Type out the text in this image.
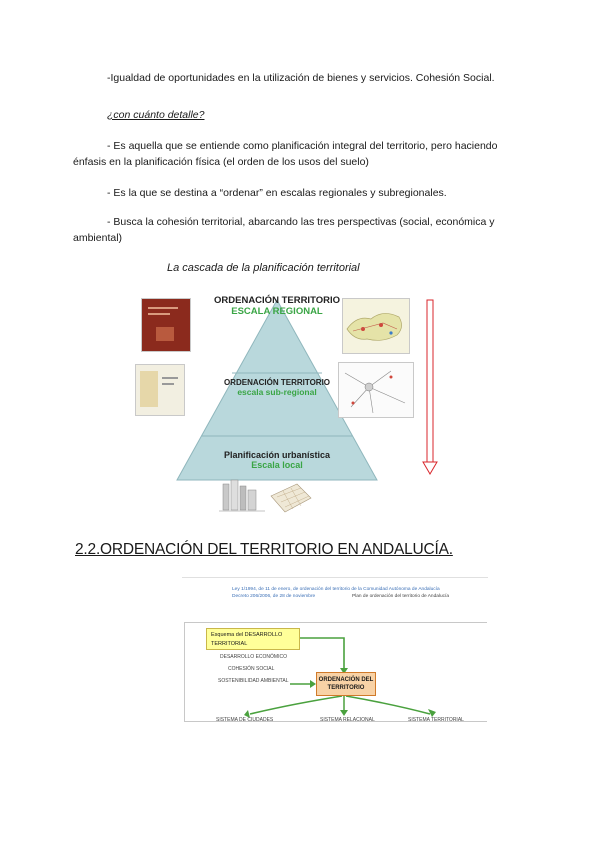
-Igualdad de oportunidades en la utilización de bienes y servicios. Cohesión Social.
¿con cuánto detalle?
- Es aquella que se entiende como planificación integral del territorio, pero haciendo énfasis en la planificación física (el orden de los usos del suelo)
- Es la que se destina a “ordenar” en escalas regionales y subregionales.
- Busca la cohesión territorial, abarcando las tres perspectivas (social, económica y ambiental)
La cascada de la planificación territorial
ORDENACIÓN TERRITORIO
ESCALA REGIONAL
ORDENACIÓN TERRITORIO
escala sub-regional
Planificación urbanística
Escala local
2.2.ORDENACIÓN DEL TERRITORIO EN ANDALUCÍA.
Ley 1/1994, de 11 de enero, de ordenación del territorio de la Comunidad Autónoma de Andalucía
Decreto 206/2006, de 28 de noviembre	Plan de ordenación del territorio de Andalucía
Esquema del DESARROLLO TERRITORIAL
DESARROLLO ECONÓMICO
COHESIÓN SOCIAL
SOSTENIBILIDAD AMBIENTAL	ORDENACIÓN DEL TERRITORIO
SISTEMA DE CIUDADES	SISTEMA RELACIONAL	SISTEMA TERRITORIAL
